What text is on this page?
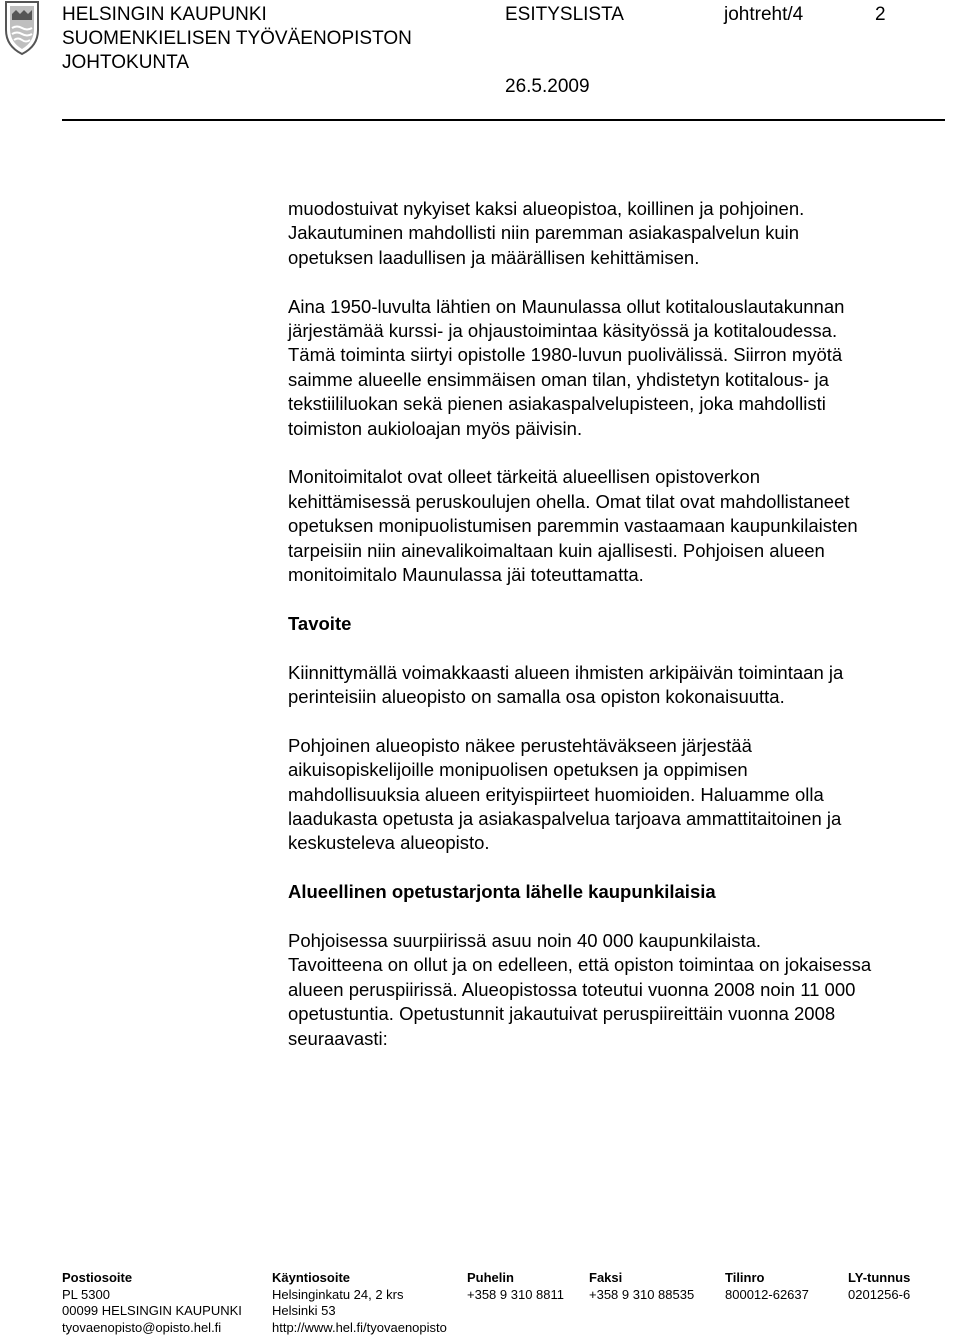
HELSINGIN KAUPUNKI
SUOMENKIELISEN TYÖVÄENOPISTON
JOHTOKUNTA
ESITYSLISTA	johtreht/4	2
26.5.2009

muodostuivat nykyiset kaksi alueopistoa, koillinen ja pohjoinen.
Jakautuminen mahdollisti niin paremman asiakaspalvelun kuin
opetuksen laadullisen ja määrällisen kehittämisen.

Aina 1950-luvulta lähtien on Maunulassa ollut kotitalouslautakunnan
järjestämää kurssi- ja ohjaustoimintaa käsityössä ja kotitaloudessa.
Tämä toiminta siirtyi opistolle 1980-luvun puolivälissä. Siirron myötä
saimme alueelle ensimmäisen oman tilan, yhdistetyn kotitalous- ja
tekstiililuokan sekä pienen asiakaspalvelupisteen, joka mahdollisti
toimiston aukioloajan myös päivisin.

Monitoimitalot ovat olleet tärkeitä alueellisen opistoverkon
kehittämisessä peruskoulujen ohella. Omat tilat ovat mahdollistaneet
opetuksen monipuolistumisen paremmin vastaamaan kaupunkilaisten
tarpeisiin niin ainevalikoimaltaan kuin ajallisesti. Pohjoisen alueen
monitoimitalo Maunulassa jäi toteuttamatta.

Tavoite

Kiinnittymällä voimakkaasti alueen ihmisten arkipäivän toimintaan ja
perinteisiin alueopisto on samalla osa opiston kokonaisuutta.

Pohjoinen alueopisto näkee perustehtäväkseen järjestää
aikuisopiskelijoille monipuolisen opetuksen ja oppimisen
mahdollisuuksia alueen erityispiirteet huomioiden. Haluamme olla
laadukasta opetusta ja asiakaspalvelua tarjoava ammattitaitoinen ja
keskusteleva alueopisto.

Alueellinen opetustarjonta lähelle kaupunkilaisia

Pohjoisessa suurpiirissä asuu noin 40 000 kaupunkilaista.
Tavoitteena on ollut ja on edelleen, että opiston toimintaa on jokaisessa
alueen peruspiirissä. Alueopistossa toteutui vuonna 2008 noin 11 000
opetustuntia. Opetustunnit jakautuivat peruspiireittäin vuonna 2008
seuraavasti:

Postiosoite
PL 5300
00099 HELSINGIN KAUPUNKI
tyovaenopisto@opisto.hel.fi
Käyntiosoite
Helsinginkatu 24, 2 krs
Helsinki 53
http://www.hel.fi/tyovaenopisto
Puhelin
+358 9 310 8811
Faksi
+358 9 310 88535
Tilinro
800012-62637
LY-tunnus
0201256-6
